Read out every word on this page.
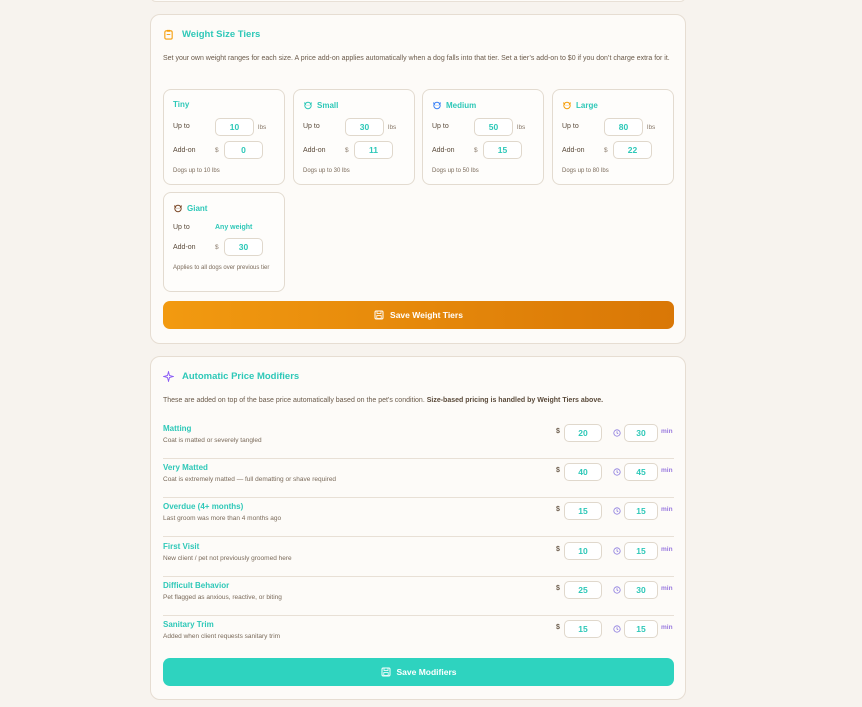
Weight Size Tiers
Set your own weight ranges for each size. A price add-on applies automatically when a dog falls into that tier. Set a tier’s add-on to $0 if you don’t charge extra for it.
Tiny
Up to	10	lbs
Add-on	$	0
Dogs up to 10 lbs
Small
Up to	30	lbs
Add-on	$	11
Dogs up to 30 lbs
Medium
Up to	50	lbs
Add-on	$	15
Dogs up to 50 lbs
Large
Up to	80	lbs
Add-on	$	22
Dogs up to 80 lbs
Giant
Up to	Any weight
Add-on	$	30
Applies to all dogs over previous tier
Save Weight Tiers
Automatic Price Modifiers
These are added on top of the base price automatically based on the pet’s condition. Size-based pricing is handled by Weight Tiers above.
Matting
Coat is matted or severely tangled
$	20	30	min
Very Matted
Coat is extremely matted — full dematting or shave required
$	40	45	min
Overdue (4+ months)
Last groom was more than 4 months ago
$	15	15	min
First Visit
New client / pet not previously groomed here
$	10	15	min
Difficult Behavior
Pet flagged as anxious, reactive, or biting
$	25	30	min
Sanitary Trim
Added when client requests sanitary trim
$	15	15	min
Save Modifiers
